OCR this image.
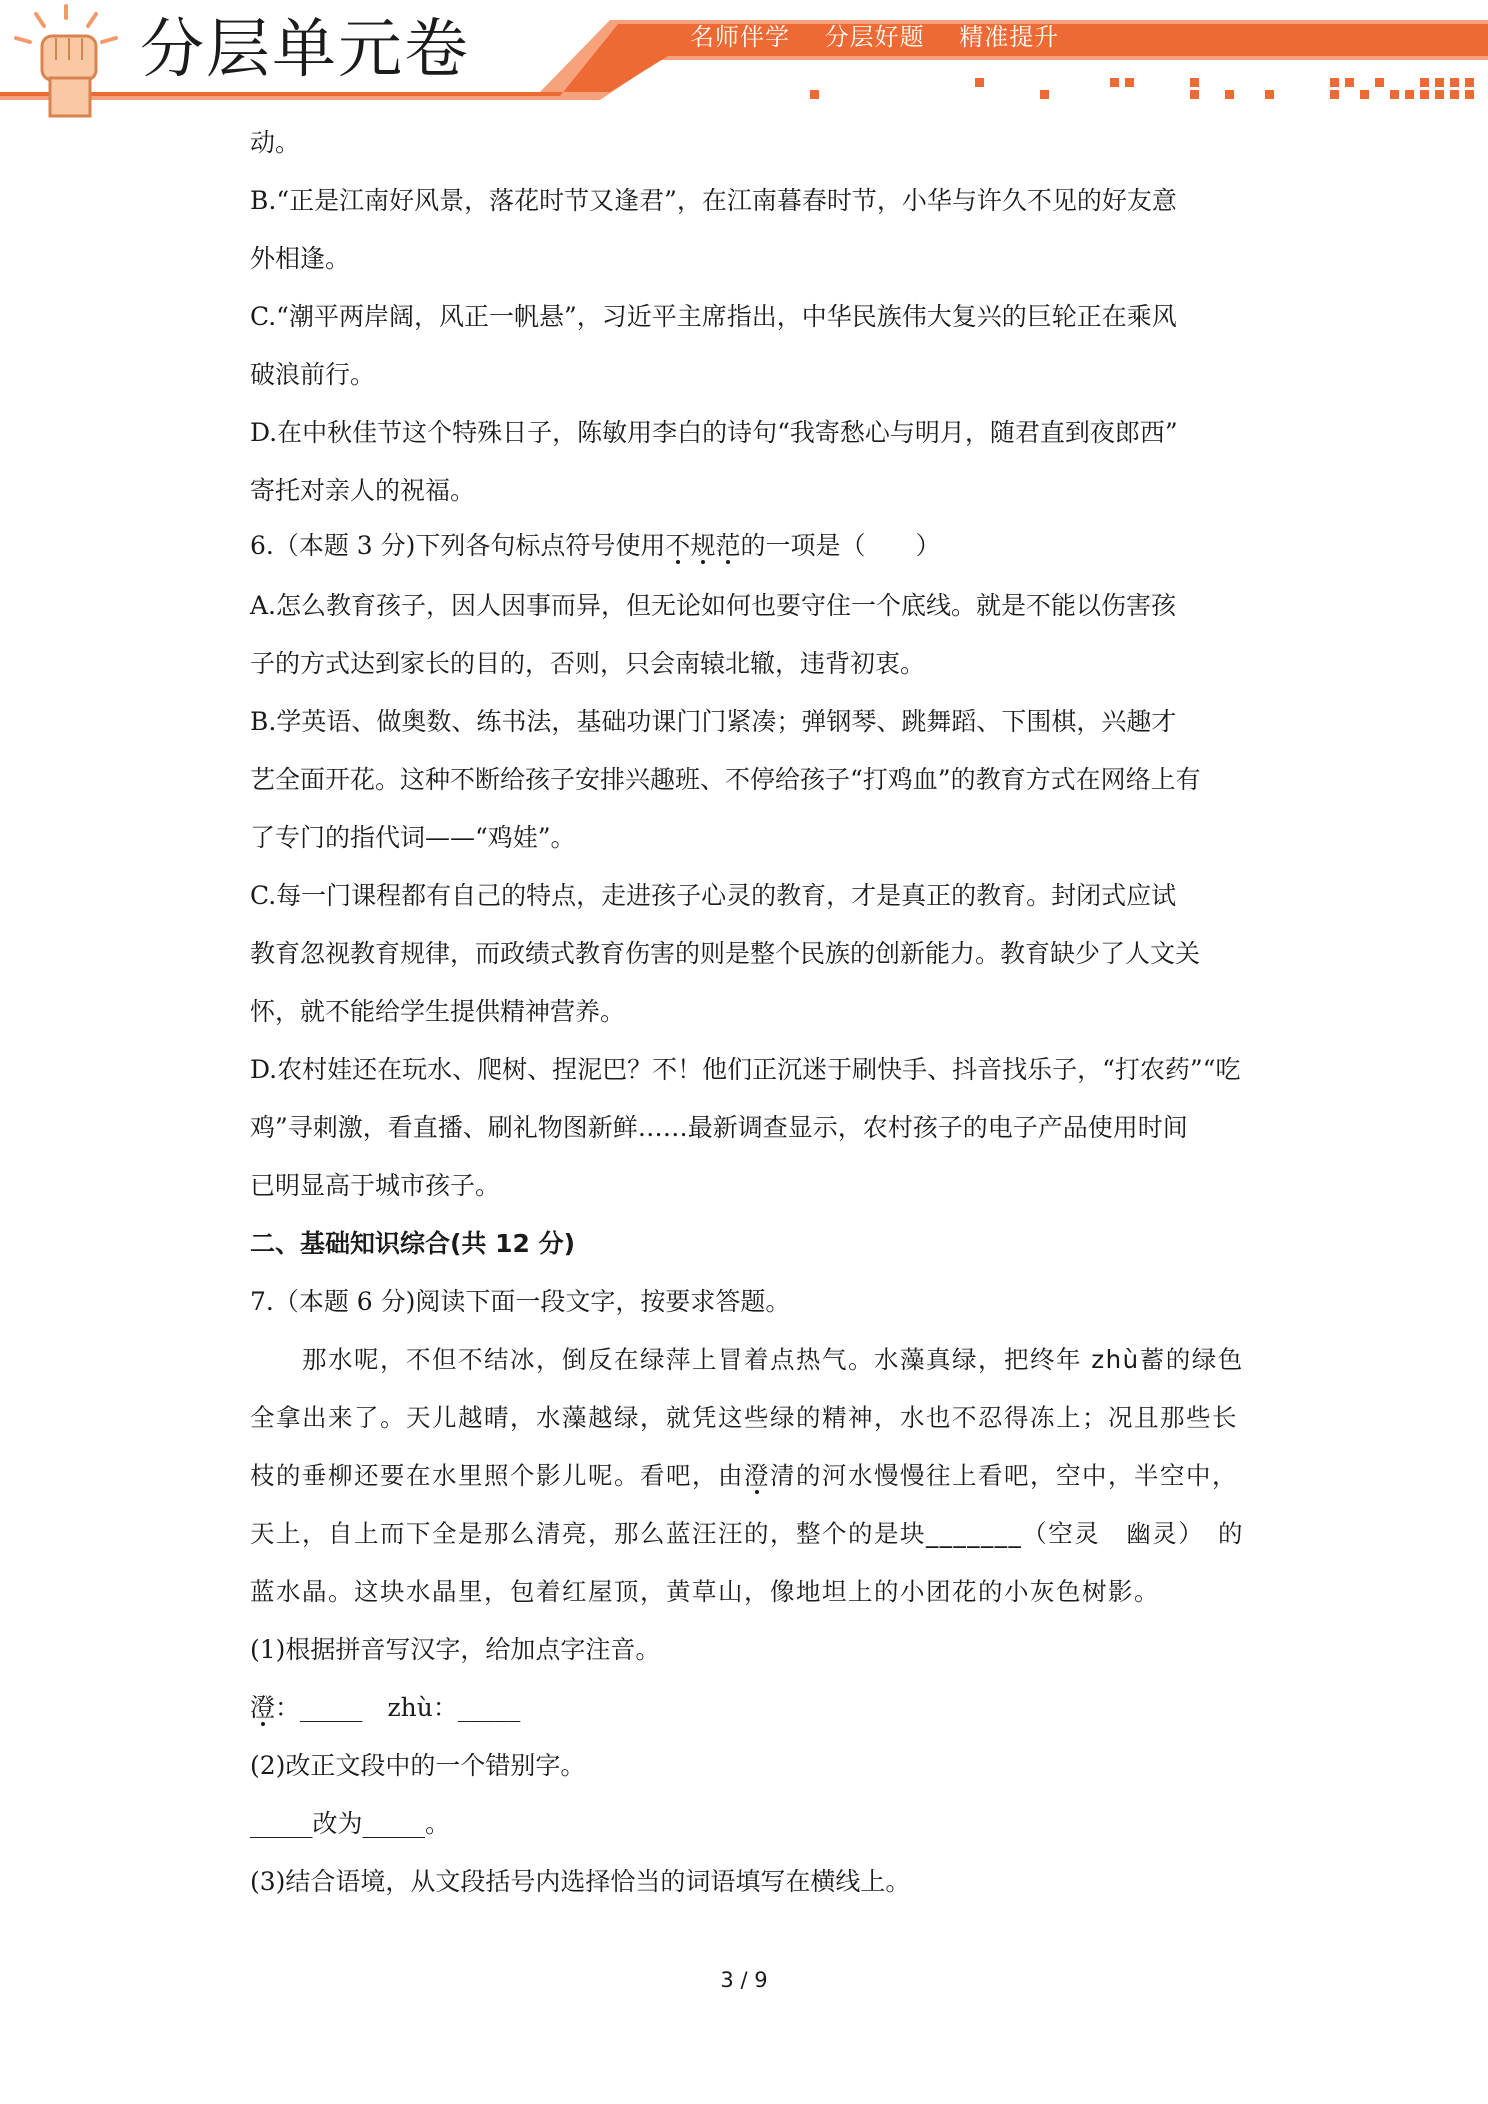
分层单元卷	名师伴学 分层好题 精准提升
动。
B.“正是江南好风景，落花时节又逢君”，在江南暮春时节，小华与许久不见的好友意
外相逢。
C.“潮平两岸阔，风正一帆悬”，习近平主席指出，中华民族伟大复兴的巨轮正在乘风
破浪前行。
D.在中秋佳节这个特殊日子，陈敏用李白的诗句“我寄愁心与明月，随君直到夜郎西”
寄托对亲人的祝福。
6.（本题 3 分)下列各句标点符号使用不规范的一项是（　　）
A.怎么教育孩子，因人因事而异，但无论如何也要守住一个底线。就是不能以伤害孩
子的方式达到家长的目的，否则，只会南辕北辙，违背初衷。
B.学英语、做奥数、练书法，基础功课门门紧凑；弹钢琴、跳舞蹈、下围棋，兴趣才
艺全面开花。这种不断给孩子安排兴趣班、不停给孩子“打鸡血”的教育方式在网络上有
了专门的指代词——“鸡娃”。
C.每一门课程都有自己的特点，走进孩子心灵的教育，才是真正的教育。封闭式应试
教育忽视教育规律，而政绩式教育伤害的则是整个民族的创新能力。教育缺少了人文关
怀，就不能给学生提供精神营养。
D.农村娃还在玩水、爬树、捏泥巴？不！他们正沉迷于刷快手、抖音找乐子，“打农药”“吃
鸡”寻刺激，看直播、刷礼物图新鲜……最新调查显示，农村孩子的电子产品使用时间
已明显高于城市孩子。
二、基础知识综合(共 12 分)
7.（本题 6 分)阅读下面一段文字，按要求答题。
　　那水呢，不但不结冰，倒反在绿萍上冒着点热气。水藻真绿，把终年 zhù蓄的绿色
全拿出来了。天儿越晴，水藻越绿，就凭这些绿的精神，水也不忍得冻上；况且那些长
枝的垂柳还要在水里照个影儿呢。看吧，由澄清的河水慢慢往上看吧，空中，半空中，
天上，自上而下全是那么清亮，那么蓝汪汪的，整个的是块_______（空灵　幽灵）　的
蓝水晶。这块水晶里，包着红屋顶，黄草山，像地坦上的小团花的小灰色树影。
(1)根据拼音写汉字，给加点字注音。
澄：_____　zhù：_____
(2)改正文段中的一个错别字。
_____改为_____。
(3)结合语境，从文段括号内选择恰当的词语填写在横线上。
3 / 9
